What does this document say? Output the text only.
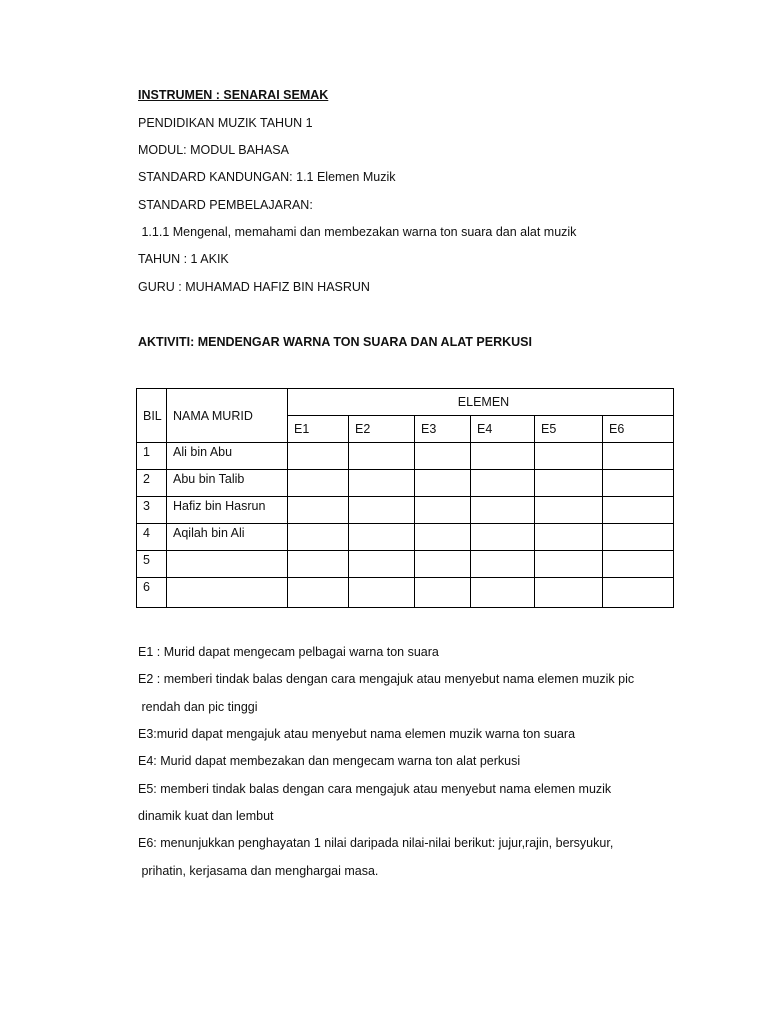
INSTRUMEN : SENARAI SEMAK
PENDIDIKAN MUZIK TAHUN 1
MODUL: MODUL BAHASA
STANDARD KANDUNGAN: 1.1 Elemen Muzik
STANDARD PEMBELAJARAN:
1.1.1 Mengenal, memahami dan membezakan warna ton suara dan alat muzik
TAHUN : 1 AKIK
GURU : MUHAMAD HAFIZ BIN HASRUN
AKTIVITI: MENDENGAR WARNA TON SUARA DAN ALAT PERKUSI
BIL	NAMA MURID	ELEMEN					
		E1	E2	E3	E4	E5	E6
1	Ali bin Abu						
2	Abu bin Talib						
3	Hafiz bin Hasrun						
4	Aqilah bin Ali						
5							
6							
E1 : Murid dapat mengecam pelbagai warna ton suara
E2 : memberi tindak balas dengan cara mengajuk atau menyebut nama elemen muzik pic
rendah dan pic tinggi
E3:murid dapat mengajuk atau menyebut nama elemen muzik warna ton suara
E4: Murid dapat membezakan dan mengecam warna ton alat perkusi
E5: memberi tindak balas dengan cara mengajuk atau menyebut nama elemen muzik
dinamik kuat dan lembut
E6: menunjukkan penghayatan 1 nilai daripada nilai-nilai berikut: jujur,rajin, bersyukur,
prihatin, kerjasama dan menghargai masa.
